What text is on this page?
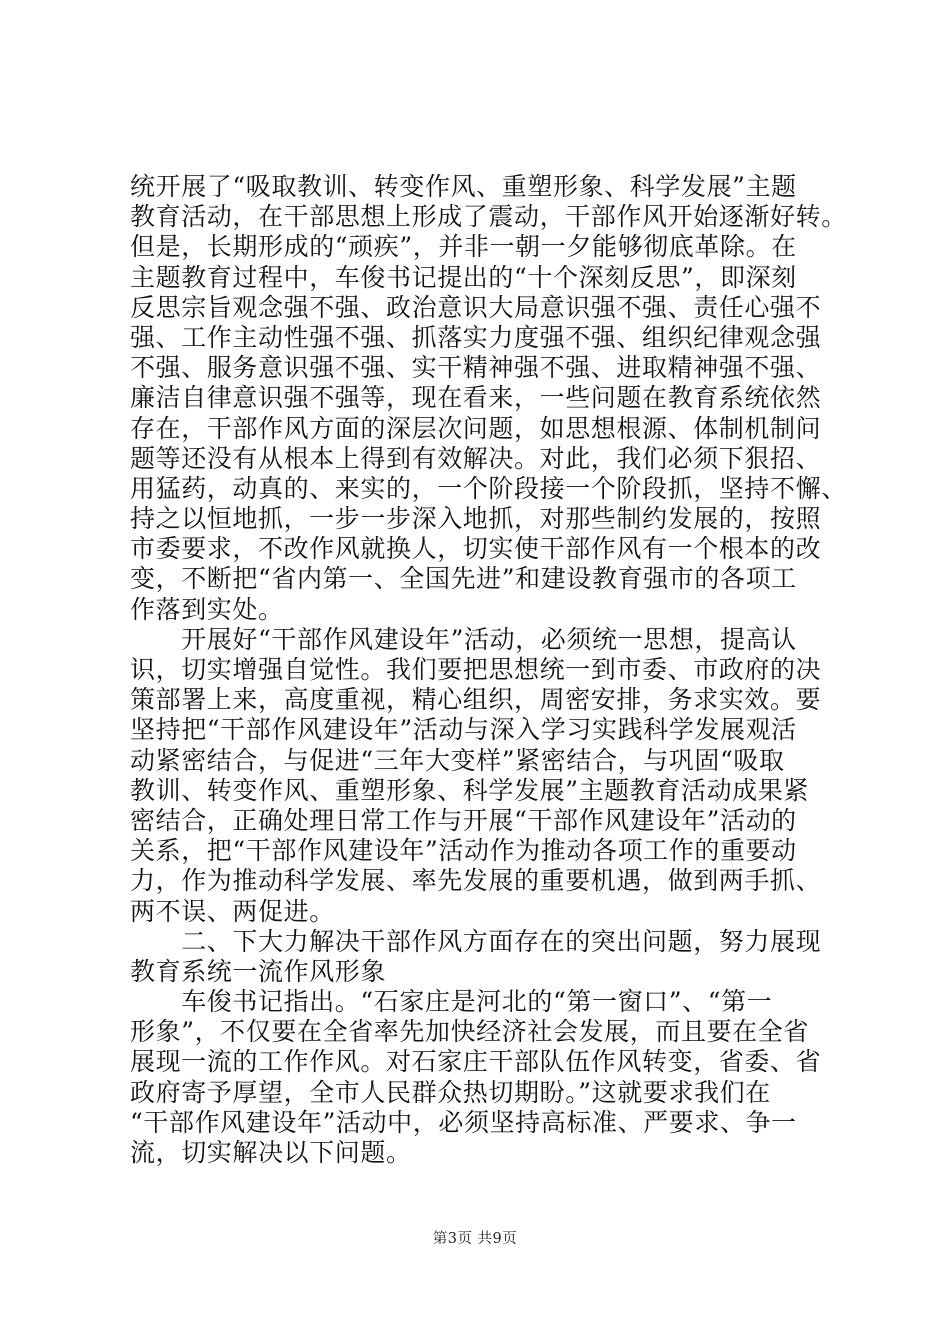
统开展了“吸取教训、转变作风、重塑形象、科学发展”主题
教育活动，在干部思想上形成了震动，干部作风开始逐渐好转。
但是，长期形成的“顽疾”，并非一朝一夕能够彻底革除。在
主题教育过程中，车俊书记提出的“十个深刻反思”，即深刻
反思宗旨观念强不强、政治意识大局意识强不强、责任心强不
强、工作主动性强不强、抓落实力度强不强、组织纪律观念强
不强、服务意识强不强、实干精神强不强、进取精神强不强、
廉洁自律意识强不强等，现在看来，一些问题在教育系统依然
存在，干部作风方面的深层次问题，如思想根源、体制机制问
题等还没有从根本上得到有效解决。对此，我们必须下狠招、
用猛药，动真的、来实的，一个阶段接一个阶段抓，坚持不懈、
持之以恒地抓，一步一步深入地抓，对那些制约发展的，按照
市委要求，不改作风就换人，切实使干部作风有一个根本的改
变，不断把“省内第一、全国先进”和建设教育强市的各项工
作落到实处。
　　开展好“干部作风建设年”活动，必须统一思想，提高认
识，切实增强自觉性。我们要把思想统一到市委、市政府的决
策部署上来，高度重视，精心组织，周密安排，务求实效。要
坚持把“干部作风建设年”活动与深入学习实践科学发展观活
动紧密结合，与促进“三年大变样”紧密结合，与巩固“吸取
教训、转变作风、重塑形象、科学发展”主题教育活动成果紧
密结合，正确处理日常工作与开展“干部作风建设年”活动的
关系，把“干部作风建设年”活动作为推动各项工作的重要动
力，作为推动科学发展、率先发展的重要机遇，做到两手抓、
两不误、两促进。
　　二、下大力解决干部作风方面存在的突出问题，努力展现
教育系统一流作风形象
　　车俊书记指出。“石家庄是河北的“第一窗口”、“第一
形象”，不仅要在全省率先加快经济社会发展，而且要在全省
展现一流的工作作风。对石家庄干部队伍作风转变，省委、省
政府寄予厚望，全市人民群众热切期盼。”这就要求我们在
“干部作风建设年”活动中，必须坚持高标准、严要求、争一
流，切实解决以下问题。
第3页 共9页
